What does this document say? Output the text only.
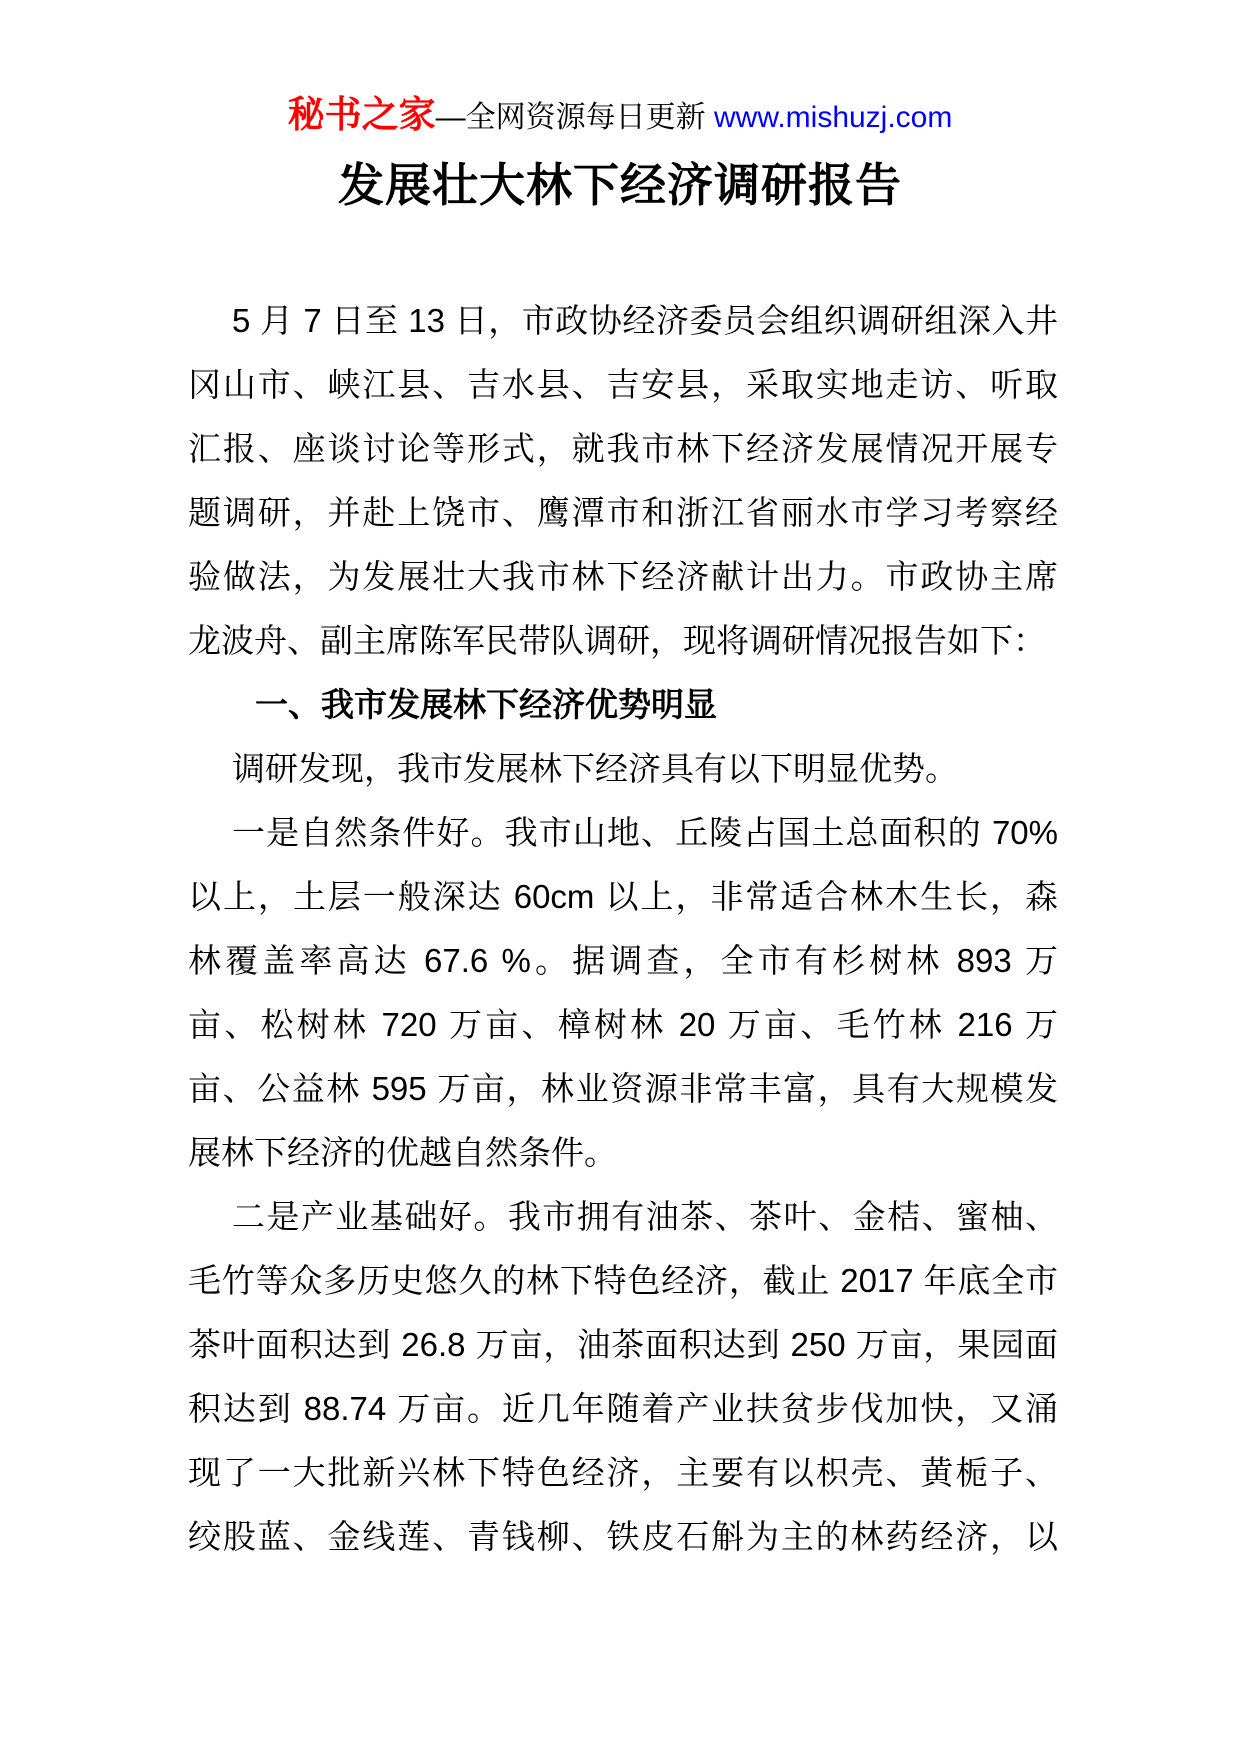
秘书之家—全网资源每日更新 www.mishuzj.com
发展壮大林下经济调研报告
5 月 7 日至 13 日，市政协经济委员会组织调研组深入井
冈山市、峡江县、吉水县、吉安县，采取实地走访、听取
汇报、座谈讨论等形式，就我市林下经济发展情况开展专
题调研，并赴上饶市、鹰潭市和浙江省丽水市学习考察经
验做法，为发展壮大我市林下经济献计出力。市政协主席
龙波舟、副主席陈军民带队调研，现将调研情况报告如下：
一、我市发展林下经济优势明显
调研发现，我市发展林下经济具有以下明显优势。
一是自然条件好。我市山地、丘陵占国土总面积的 70%
以上，土层一般深达 60cm 以上，非常适合林木生长，森
林覆盖率高达 67.6 %。据调查，全市有杉树林 893 万
亩、松树林 720 万亩、樟树林 20 万亩、毛竹林 216 万
亩、公益林 595 万亩，林业资源非常丰富，具有大规模发
展林下经济的优越自然条件。
二是产业基础好。我市拥有油茶、茶叶、金桔、蜜柚、
毛竹等众多历史悠久的林下特色经济，截止 2017 年底全市
茶叶面积达到 26.8 万亩，油茶面积达到 250 万亩，果园面
积达到 88.74 万亩。近几年随着产业扶贫步伐加快，又涌
现了一大批新兴林下特色经济，主要有以枳壳、黄栀子、
绞股蓝、金线莲、青钱柳、铁皮石斛为主的林药经济，以
